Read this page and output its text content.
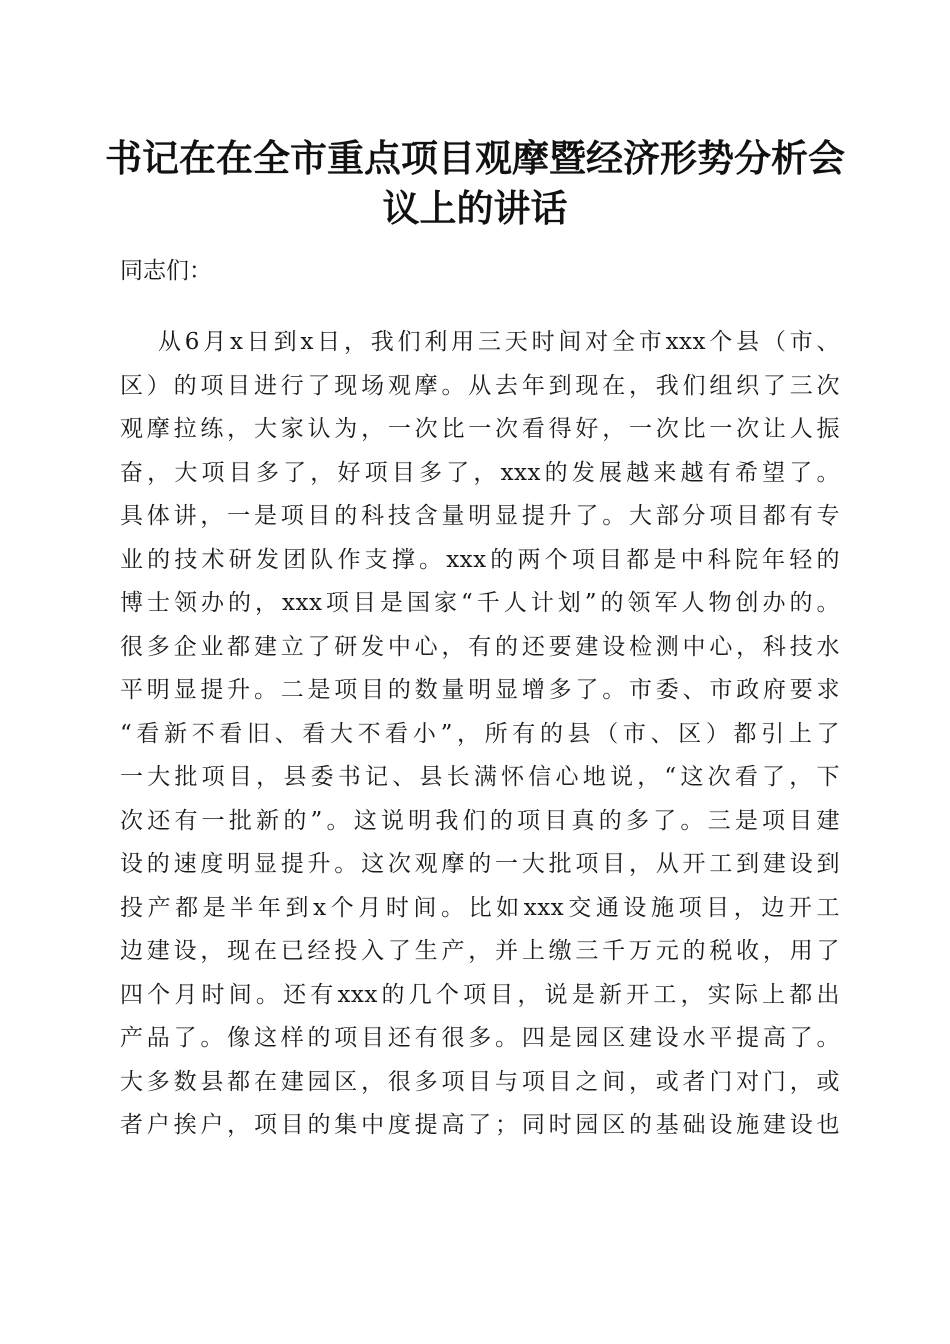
书记在在全市重点项目观摩暨经济形势分析会
议上的讲话
同志们：
从6月x日到x日，我们利用三天时间对全市xxx个县（市、
区）的项目进行了现场观摩。从去年到现在，我们组织了三次
观摩拉练，大家认为，一次比一次看得好，一次比一次让人振
奋，大项目多了，好项目多了，xxx的发展越来越有希望了。
具体讲，一是项目的科技含量明显提升了。大部分项目都有专
业的技术研发团队作支撑。xxx的两个项目都是中科院年轻的
博士领办的，xxx项目是国家“千人计划”的领军人物创办的。
很多企业都建立了研发中心，有的还要建设检测中心，科技水
平明显提升。二是项目的数量明显增多了。市委、市政府要求
“看新不看旧、看大不看小”，所有的县（市、区）都引上了
一大批项目，县委书记、县长满怀信心地说，“这次看了，下
次还有一批新的”。这说明我们的项目真的多了。三是项目建
设的速度明显提升。这次观摩的一大批项目，从开工到建设到
投产都是半年到x个月时间。比如xxx交通设施项目，边开工
边建设，现在已经投入了生产，并上缴三千万元的税收，用了
四个月时间。还有xxx的几个项目，说是新开工，实际上都出
产品了。像这样的项目还有很多。四是园区建设水平提高了。
大多数县都在建园区，很多项目与项目之间，或者门对门，或
者户挨户，项目的集中度提高了；同时园区的基础设施建设也
